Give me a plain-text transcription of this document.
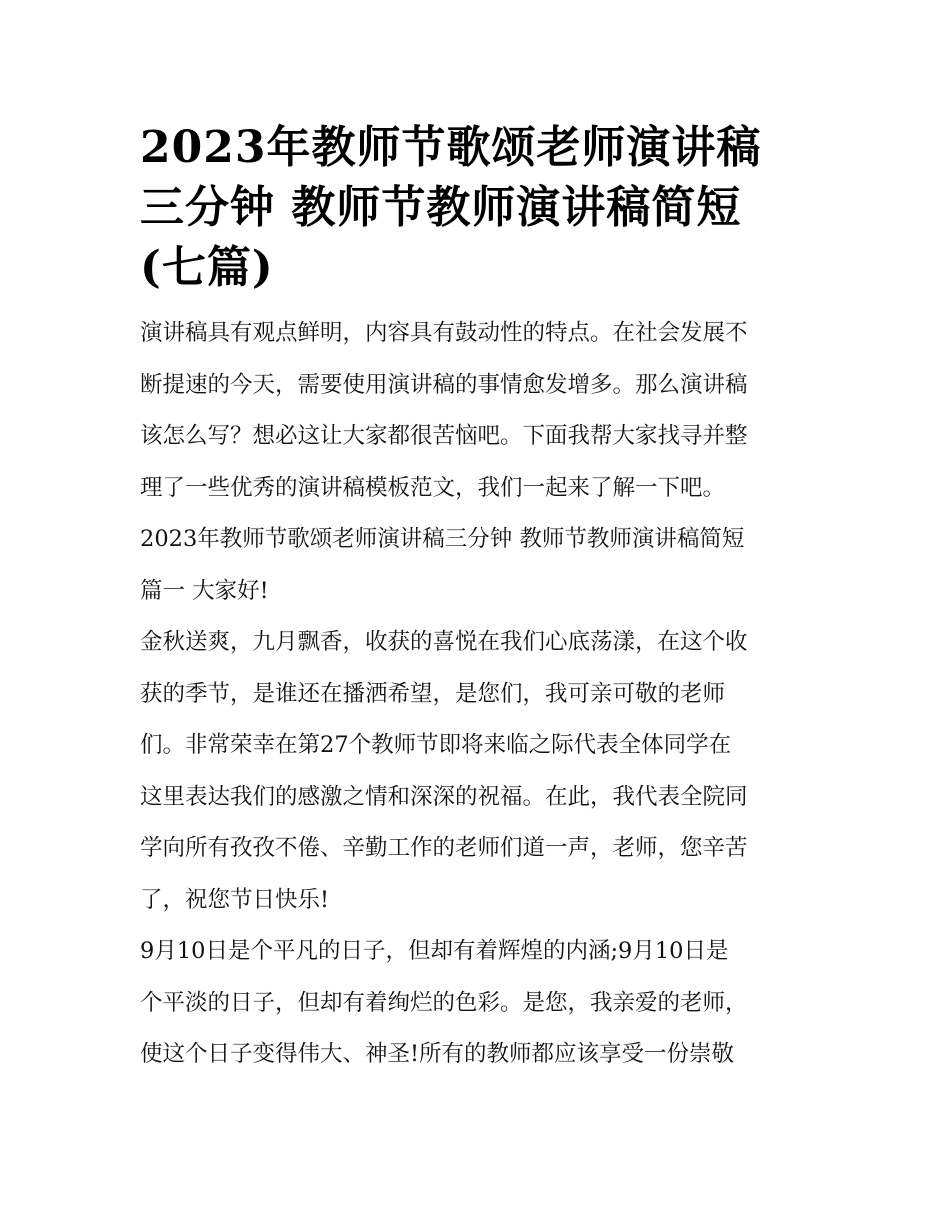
2023年教师节歌颂老师演讲稿
三分钟 教师节教师演讲稿简短
(七篇)
演讲稿具有观点鲜明，内容具有鼓动性的特点。在社会发展不
断提速的今天，需要使用演讲稿的事情愈发增多。那么演讲稿
该怎么写？想必这让大家都很苦恼吧。下面我帮大家找寻并整
理了一些优秀的演讲稿模板范文，我们一起来了解一下吧。
2023年教师节歌颂老师演讲稿三分钟 教师节教师演讲稿简短
篇一 大家好!
金秋送爽，九月飘香，收获的喜悦在我们心底荡漾，在这个收
获的季节，是谁还在播洒希望，是您们，我可亲可敬的老师
们。非常荣幸在第27个教师节即将来临之际代表全体同学在
这里表达我们的感激之情和深深的祝福。在此，我代表全院同
学向所有孜孜不倦、辛勤工作的老师们道一声，老师，您辛苦
了，祝您节日快乐!
9月10日是个平凡的日子，但却有着辉煌的内涵;9月10日是
个平淡的日子，但却有着绚烂的色彩。是您，我亲爱的老师，
使这个日子变得伟大、神圣!所有的教师都应该享受一份崇敬
